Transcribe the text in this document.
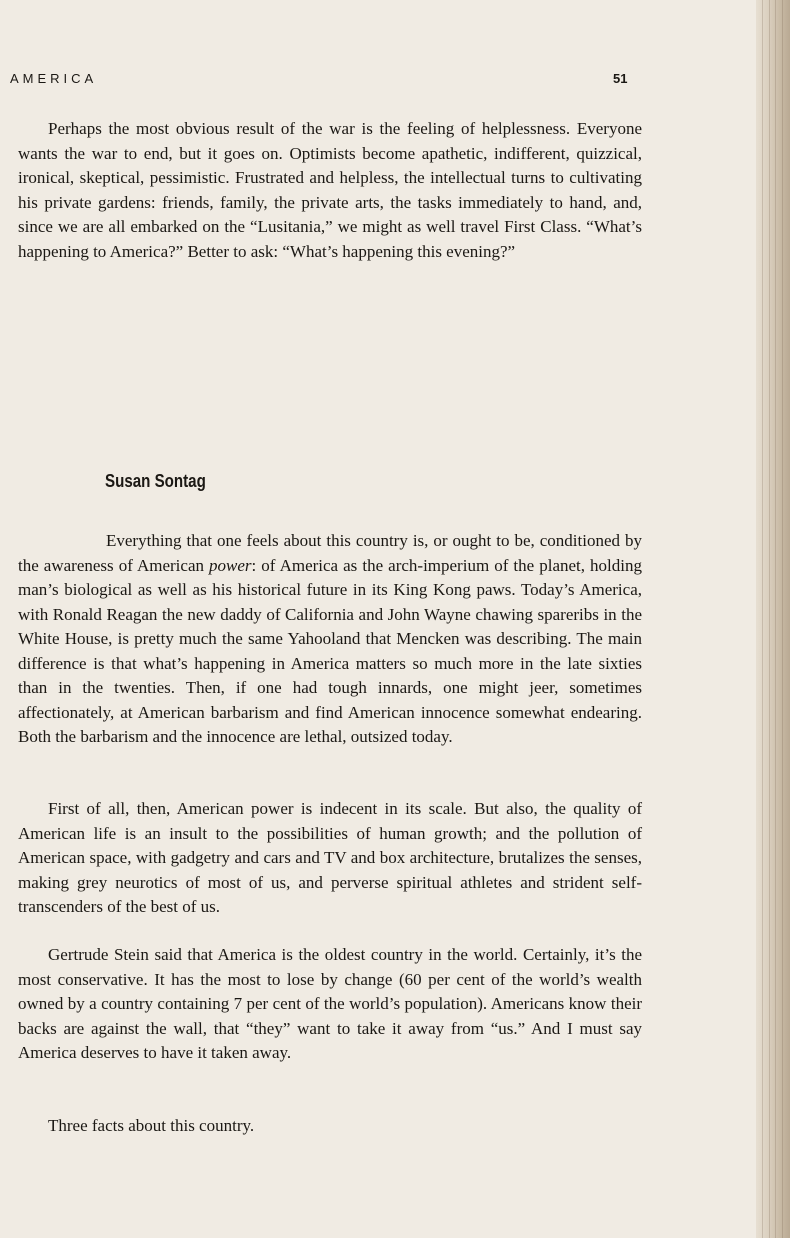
AMERICA	51

Perhaps the most obvious result of the war is the feeling of helplessness. Everyone wants the war to end, but it goes on. Optimists become apathetic, indifferent, quizzical, ironical, skeptical, pessimistic. Frustrated and helpless, the intellectual turns to cultivating his private gardens: friends, family, the private arts, the tasks immediately to hand, and, since we are all embarked on the “Lusitania,” we might as well travel First Class. “What’s happening to America?” Better to ask: “What’s happening this evening?”

Susan Sontag

Everything that one feels about this country is, or ought to be, conditioned by the awareness of American power: of America as the arch-imperium of the planet, holding man’s biological as well as his historical future in its King Kong paws. Today’s America, with Ronald Reagan the new daddy of California and John Wayne chawing spareribs in the White House, is pretty much the same Yahooland that Mencken was describing. The main difference is that what’s happening in America matters so much more in the late sixties than in the twenties. Then, if one had tough innards, one might jeer, sometimes affectionately, at American barbarism and find American innocence somewhat endearing. Both the barbarism and the innocence are lethal, outsized today.

First of all, then, American power is indecent in its scale. But also, the quality of American life is an insult to the possibilities of human growth; and the pollution of American space, with gadgetry and cars and TV and box architecture, brutalizes the senses, making grey neurotics of most of us, and perverse spiritual athletes and strident self-transcenders of the best of us.

Gertrude Stein said that America is the oldest country in the world. Certainly, it’s the most conservative. It has the most to lose by change (60 per cent of the world’s wealth owned by a country containing 7 per cent of the world’s population). Americans know their backs are against the wall, that “they” want to take it away from “us.” And I must say America deserves to have it taken away.

Three facts about this country.
